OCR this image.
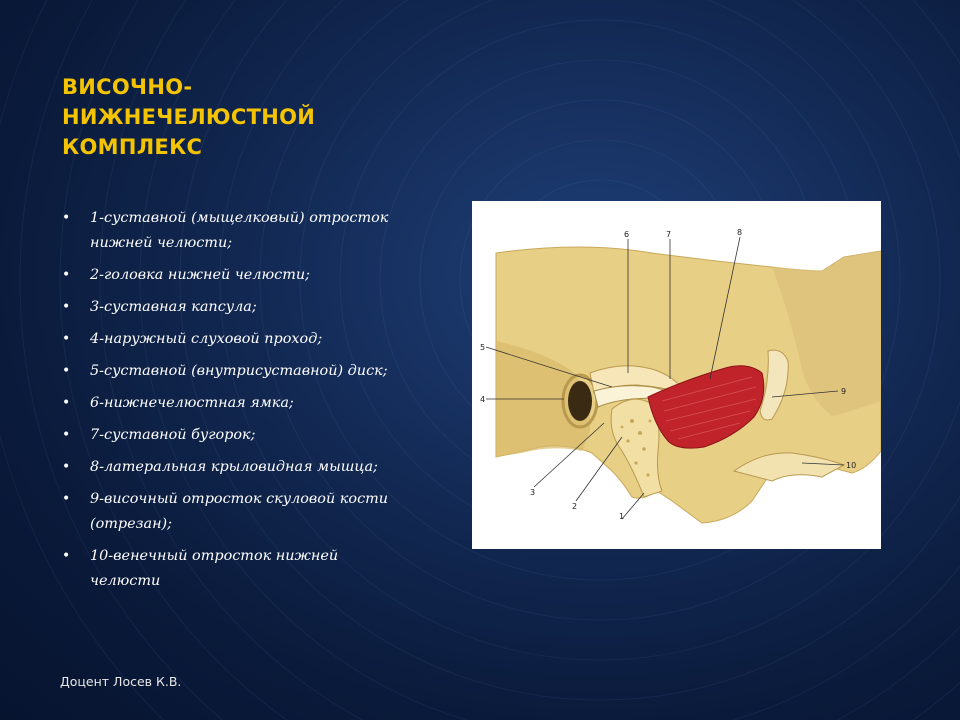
ВИСОЧНО-
НИЖНЕЧЕЛЮСТНОЙ
КОМПЛЕКС
• 1-суставной (мыщелковый) отросток нижней челюсти;
• 2-головка нижней челюсти;
• 3-суставная капсула;
• 4-наружный слуховой проход;
• 5-суставной (внутрисуставной) диск;
• 6-нижнечелюстная ямка;
• 7-суставной бугорок;
• 8-латеральная крыловидная мышца;
• 9-височный отросток скуловой кости (отрезан);
• 10-венечный отросток нижней челюсти
1
2
3
4
5
6	7	8
9
10
Доцент Лосев К.В.
